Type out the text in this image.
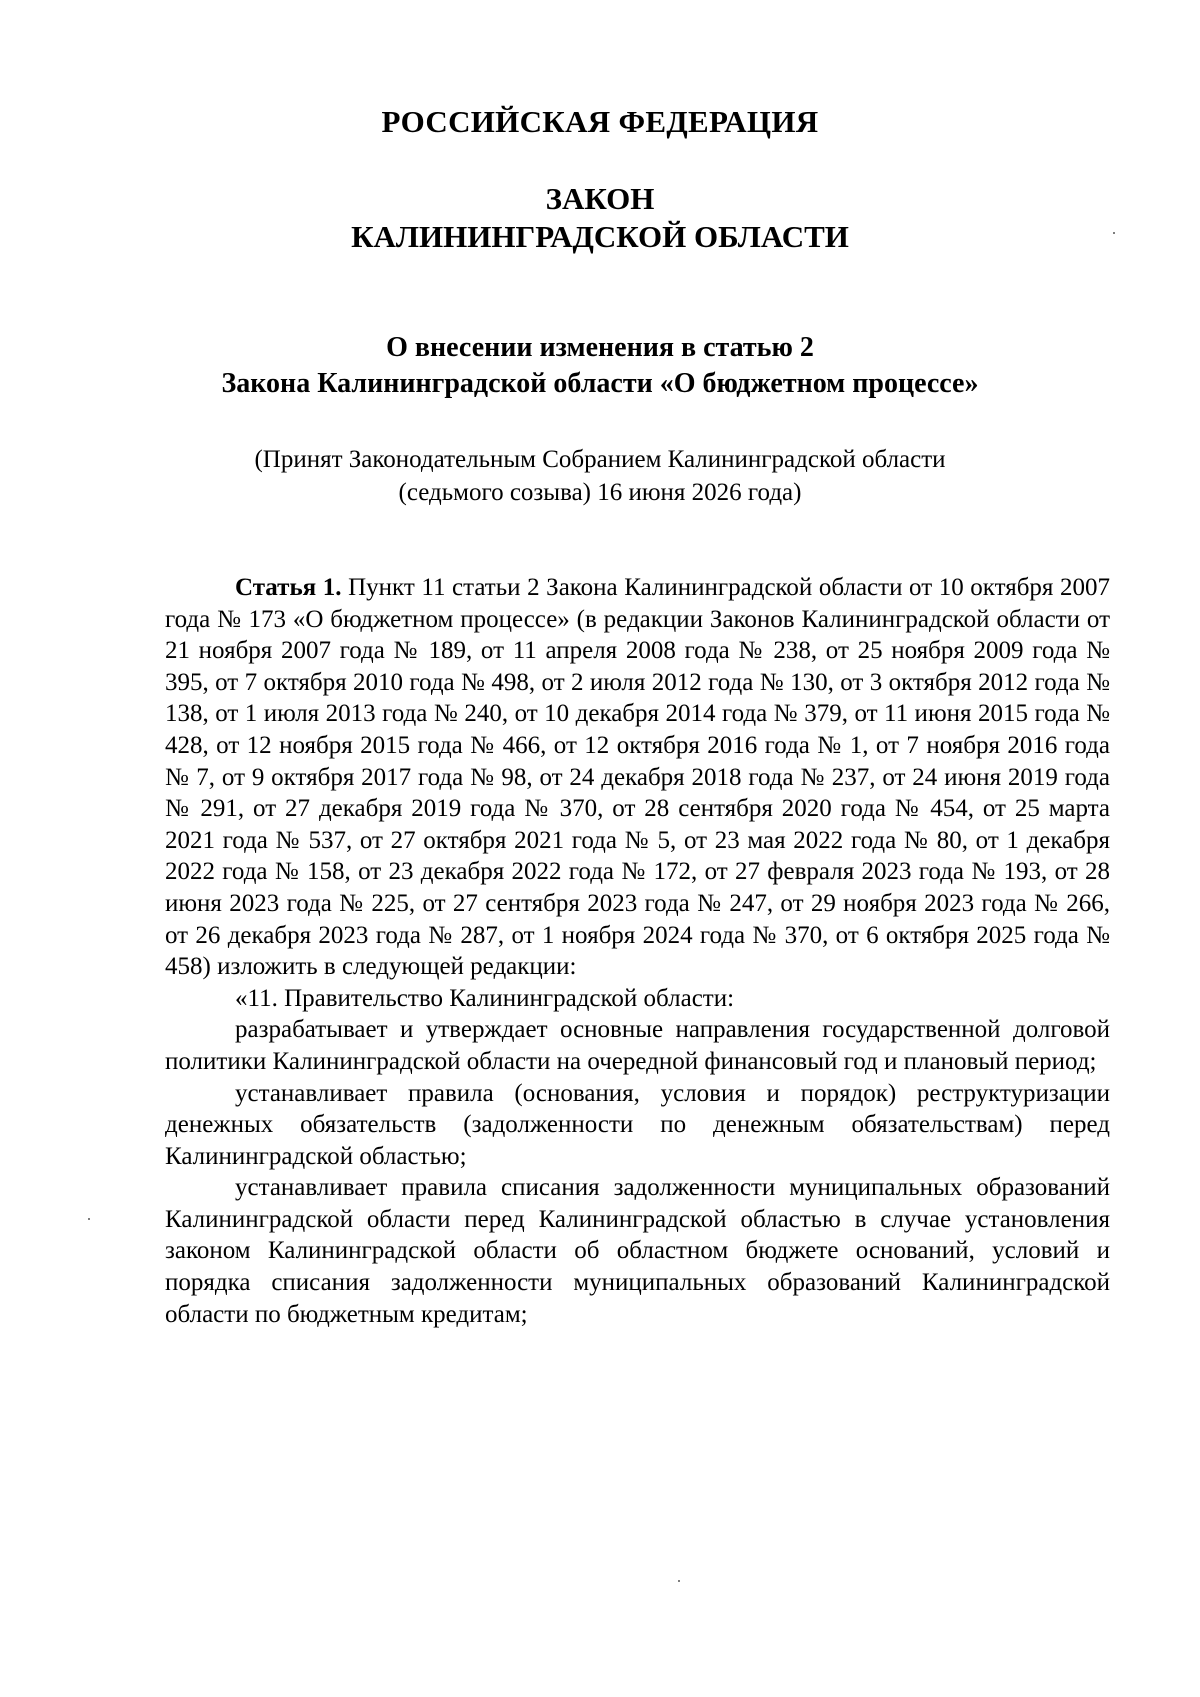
РОССИЙСКАЯ ФЕДЕРАЦИЯ
ЗАКОН
КАЛИНИНГРАДСКОЙ ОБЛАСТИ
О внесении изменения в статью 2
Закона Калининградской области «О бюджетном процессе»
(Принят Законодательным Собранием Калининградской области
(седьмого созыва) 16 июня 2026 года)

Статья 1. Пункт 11 статьи 2 Закона Калининградской области от 10 октября 2007 года № 173 «О бюджетном процессе» (в редакции Законов Калининградской области от 21 ноября 2007 года № 189, от 11 апреля 2008 года № 238, от 25 ноября 2009 года № 395, от 7 октября 2010 года № 498, от 2 июля 2012 года № 130, от 3 октября 2012 года № 138, от 1 июля 2013 года № 240, от 10 декабря 2014 года № 379, от 11 июня 2015 года № 428, от 12 ноября 2015 года № 466, от 12 октября 2016 года № 1, от 7 ноября 2016 года № 7, от 9 октября 2017 года № 98, от 24 декабря 2018 года № 237, от 24 июня 2019 года № 291, от 27 декабря 2019 года № 370, от 28 сентября 2020 года № 454, от 25 марта 2021 года № 537, от 27 октября 2021 года № 5, от 23 мая 2022 года № 80, от 1 декабря 2022 года № 158, от 23 декабря 2022 года № 172, от 27 февраля 2023 года № 193, от 28 июня 2023 года № 225, от 27 сентября 2023 года № 247, от 29 ноября 2023 года № 266, от 26 декабря 2023 года № 287, от 1 ноября 2024 года № 370, от 6 октября 2025 года № 458) изложить в следующей редакции:

«11. Правительство Калининградской области:

разрабатывает и утверждает основные направления государственной долговой политики Калининградской области на очередной финансовый год и плановый период;

устанавливает правила (основания, условия и порядок) реструктуризации денежных обязательств (задолженности по денежным обязательствам) перед Калининградской областью;

устанавливает правила списания задолженности муниципальных образований Калининградской области перед Калининградской областью в случае установления законом Калининградской области об областном бюджете оснований, условий и порядка списания задолженности муниципальных образований Калининградской области по бюджетным кредитам;
